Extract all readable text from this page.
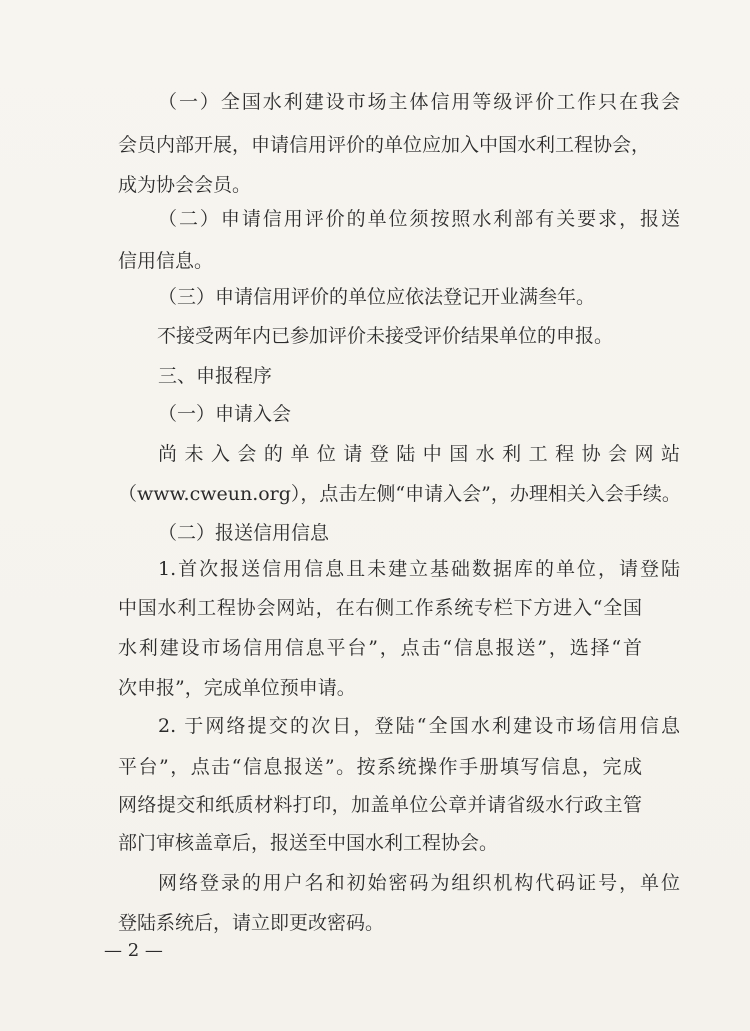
（一）全国水利建设市场主体信用等级评价工作只在我会
会员内部开展，申请信用评价的单位应加入中国水利工程协会，
成为协会会员。
（二）申请信用评价的单位须按照水利部有关要求，报送
信用信息。
（三）申请信用评价的单位应依法登记开业满叁年。
不接受两年内已参加评价未接受评价结果单位的申报。
三、申报程序
（一）申请入会
尚未入会的单位请登陆中国水利工程协会网站
（www.cweun.org），点击左侧“申请入会”，办理相关入会手续。
（二）报送信用信息
1.首次报送信用信息且未建立基础数据库的单位，请登陆
中国水利工程协会网站，在右侧工作系统专栏下方进入“全国
水利建设市场信用信息平台”，点击“信息报送”，选择“首
次申报”，完成单位预申请。
2. 于网络提交的次日，登陆“全国水利建设市场信用信息
平台”，点击“信息报送”。按系统操作手册填写信息，完成
网络提交和纸质材料打印，加盖单位公章并请省级水行政主管
部门审核盖章后，报送至中国水利工程协会。
网络登录的用户名和初始密码为组织机构代码证号，单位
登陆系统后，请立即更改密码。
— 2 —
